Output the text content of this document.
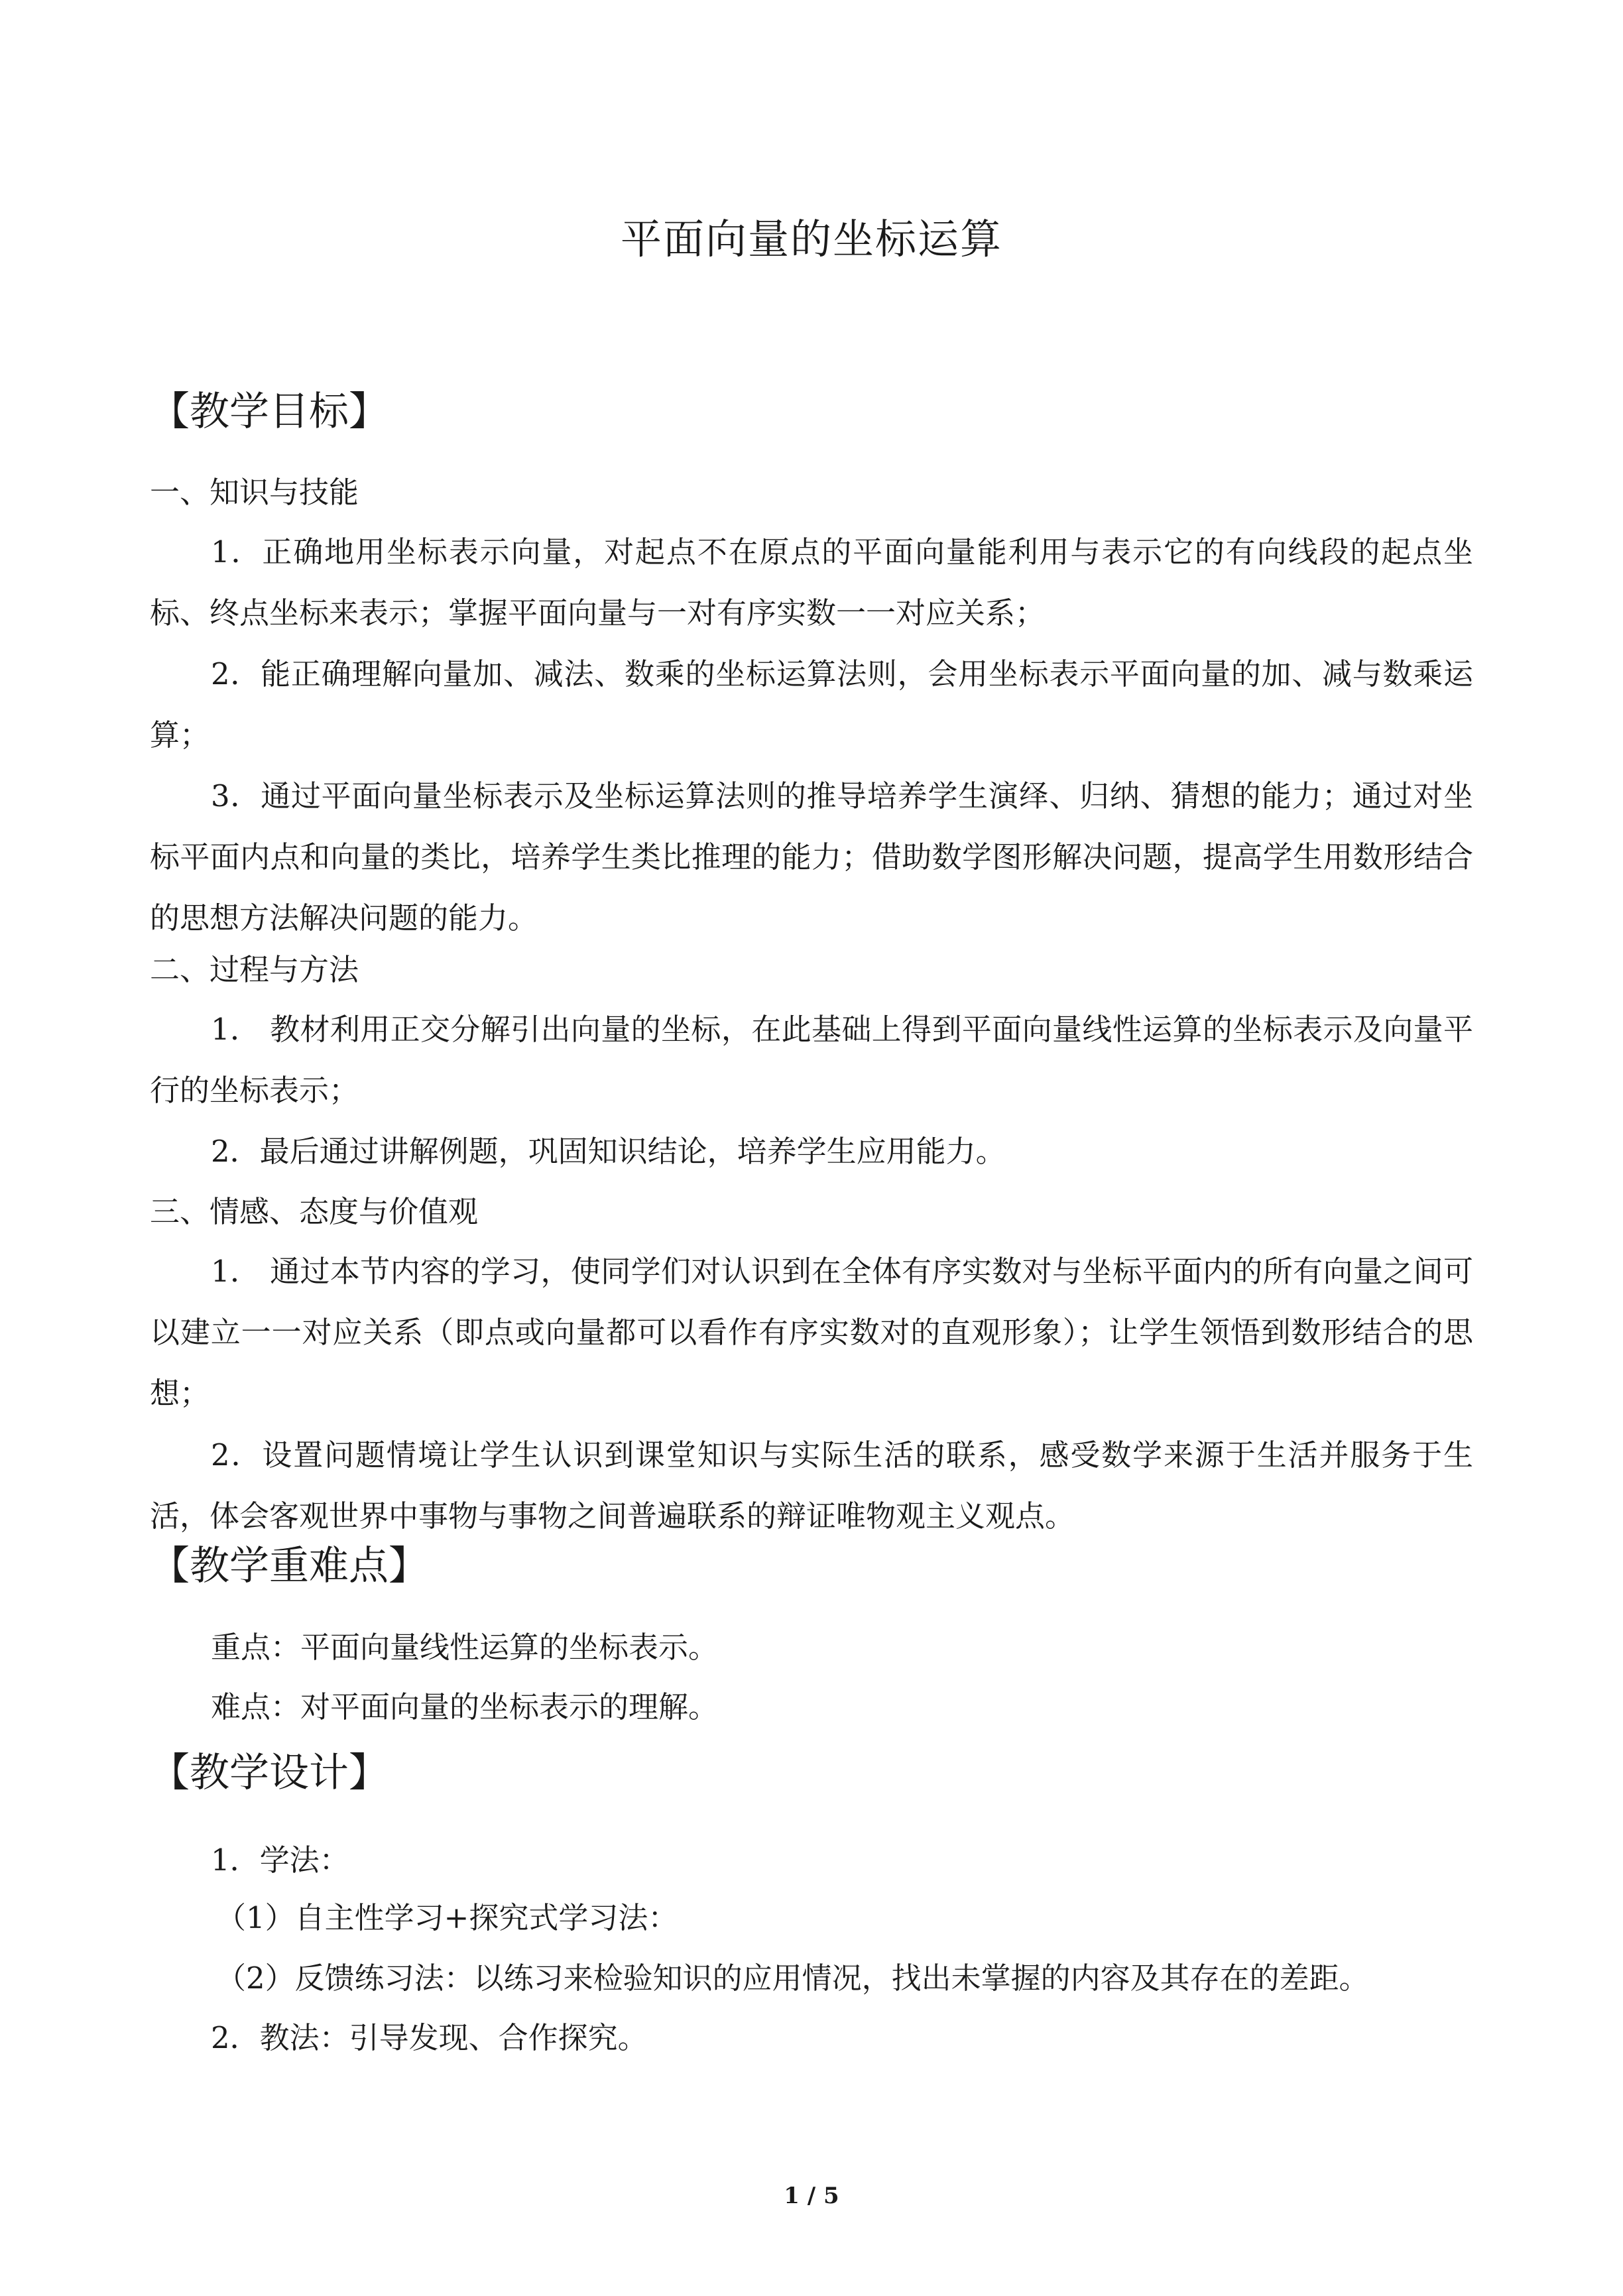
平面向量的坐标运算
【教学目标】
一、知识与技能

1．正确地用坐标表示向量，对起点不在原点的平面向量能利用与表示它的有向线段的起点坐标、终点坐标来表示；掌握平面向量与一对有序实数一一对应关系；

2．能正确理解向量加、减法、数乘的坐标运算法则，会用坐标表示平面向量的加、减与数乘运算；

3．通过平面向量坐标表示及坐标运算法则的推导培养学生演绎、归纳、猜想的能力；通过对坐标平面内点和向量的类比，培养学生类比推理的能力；借助数学图形解决问题，提高学生用数形结合的思想方法解决问题的能力。

二、过程与方法

1． 教材利用正交分解引出向量的坐标，在此基础上得到平面向量线性运算的坐标表示及向量平行的坐标表示；

2．最后通过讲解例题，巩固知识结论，培养学生应用能力。

三、情感、态度与价值观

1． 通过本节内容的学习，使同学们对认识到在全体有序实数对与坐标平面内的所有向量之间可以建立一一对应关系（即点或向量都可以看作有序实数对的直观形象）；让学生领悟到数形结合的思想；

2．设置问题情境让学生认识到课堂知识与实际生活的联系，感受数学来源于生活并服务于生活，体会客观世界中事物与事物之间普遍联系的辩证唯物观主义观点。

【教学重难点】
重点：平面向量线性运算的坐标表示。
难点：对平面向量的坐标表示的理解。
【教学设计】
1．学法：
（1）自主性学习+探究式学习法：
（2）反馈练习法：以练习来检验知识的应用情况，找出未掌握的内容及其存在的差距。
2．教法：引导发现、合作探究。
1 / 5
